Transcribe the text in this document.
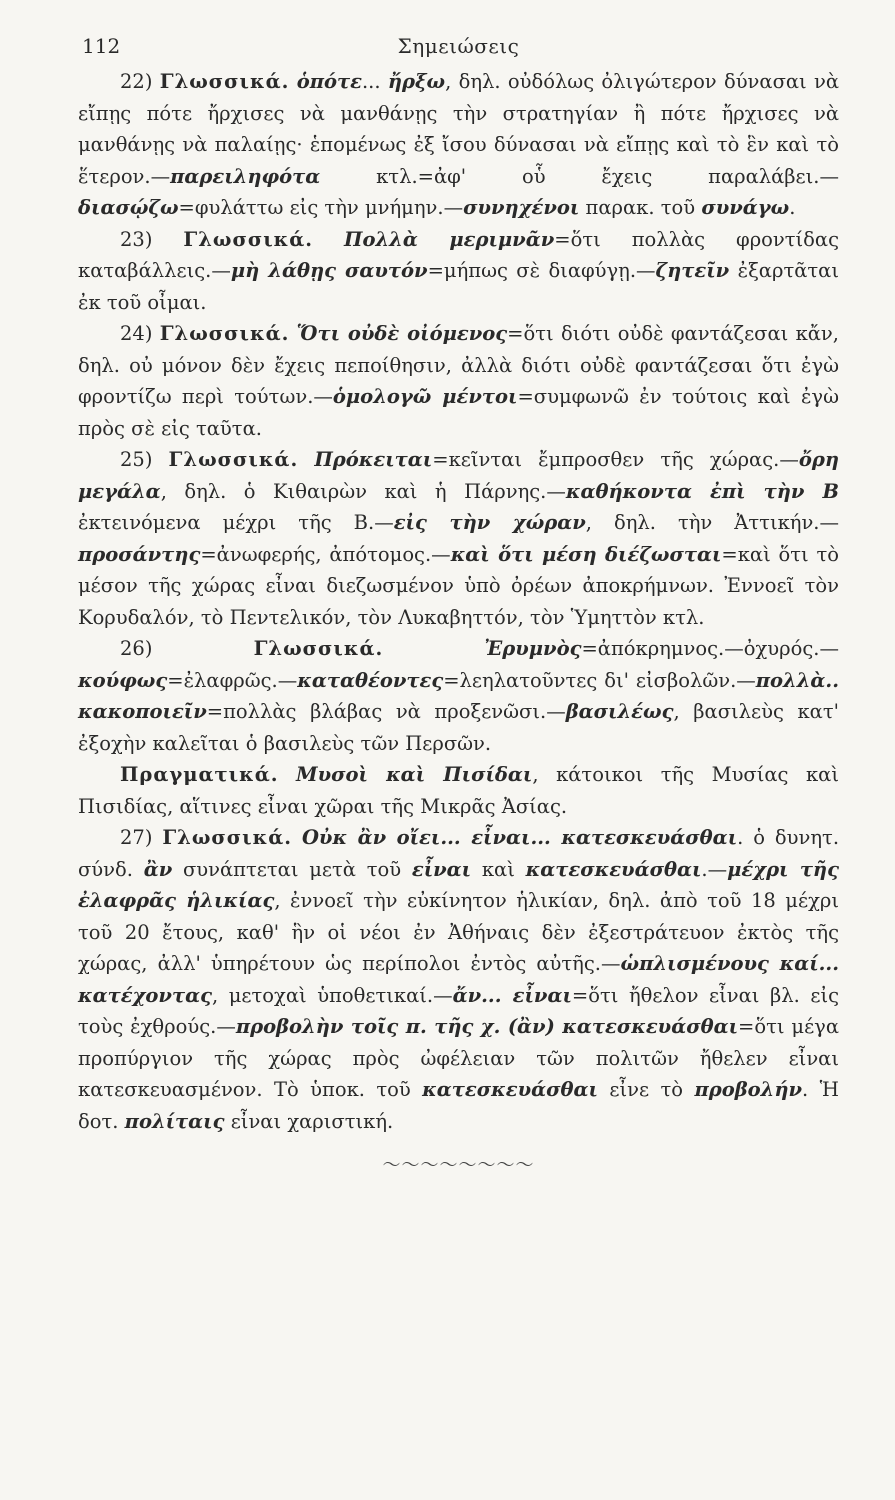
112	Σημειώσεις

22) Γλωσσικά. ὁπότε... ἤρξω, δηλ. οὐδόλως ὀλιγώτερον δύνασαι νὰ εἴπῃς πότε ἤρχισες νὰ μανθάνῃς τὴν στρατηγίαν ἢ πότε ἤρχισες νὰ μανθάνῃς νὰ παλαίῃς· ἑπομένως ἐξ ἴσου δύνασαι νὰ εἴπῃς καὶ τὸ ἓν καὶ τὸ ἕτερον.—παρειληφότα κτλ.=ἀφ' οὗ ἔχεις παραλάβει.—διασῴζω=φυλάττω εἰς τὴν μνήμην.—συνηχένοι παρακ. τοῦ συνάγω.

23) Γλωσσικά. Πολλὰ μεριμνᾶν=ὅτι πολλὰς φροντίδας καταβάλλεις.—μὴ λάθῃς σαυτόν=μήπως σὲ διαφύγῃ.—ζητεῖν ἐξαρτᾶται ἐκ τοῦ οἶμαι.

24) Γλωσσικά. Ὅτι οὐδὲ οἰόμενος=ὅτι διότι οὐδὲ φαντάζεσαι κἄν, δηλ. οὐ μόνον δὲν ἔχεις πεποίθησιν, ἀλλὰ διότι οὐδὲ φαντάζεσαι ὅτι ἐγὼ φροντίζω περὶ τούτων.—ὁμολογῶ μέντοι=συμφωνῶ ἐν τούτοις καὶ ἐγὼ πρὸς σὲ εἰς ταῦτα.

25) Γλωσσικά. Πρόκειται=κεῖνται ἔμπροσθεν τῆς χώρας.—ὄρη μεγάλα, δηλ. ὁ Κιθαιρὼν καὶ ἡ Πάρνης.—καθήκοντα ἐπὶ τὴν Β ἐκτεινόμενα μέχρι τῆς Β.—εἰς τὴν χώραν, δηλ. τὴν Ἀττικήν.—προσάντης=ἀνωφερής, ἀπότομος.—καὶ ὅτι μέση διέζωσται=καὶ ὅτι τὸ μέσον τῆς χώρας εἶναι διεζωσμένον ὑπὸ ὀρέων ἀποκρήμνων. Ἐννοεῖ τὸν Κορυδαλόν, τὸ Πεντελικόν, τὸν Λυκαβηττόν, τὸν Ὑμηττὸν κτλ.

26) Γλωσσικά.	Ἐρυμνὸς=ἀπόκρημνος.—ὀχυρός.—κούφως=ἐλαφρῶς.—καταθέοντες=λεηλατοῦντες δι' εἰσβολῶν.—πολλὰ.. κακοποιεῖν=πολλὰς βλάβας νὰ προξενῶσι.—βασιλέως, βασιλεὺς κατ' ἐξοχὴν καλεῖται ὁ βασιλεὺς τῶν Περσῶν.

Πραγματικά. Μυσοὶ καὶ Πισίδαι, κάτοικοι τῆς Μυσίας καὶ Πισιδίας, αἵτινες εἶναι χῶραι τῆς Μικρᾶς Ἀσίας.

27) Γλωσσικά. Οὐκ ἂν οἴει... εἶναι... κατεσκευάσθαι. ὁ δυνητ. σύνδ. ἂν συνάπτεται μετὰ τοῦ εἶναι καὶ κατεσκευάσθαι.—μέχρι τῆς ἐλαφρᾶς ἡλικίας, ἐννοεῖ τὴν εὐκίνητον ἡλικίαν, δηλ. ἀπὸ τοῦ 18 μέχρι τοῦ 20 ἔτους, καθ' ἣν οἱ νέοι ἐν Ἀθήναις δὲν ἐξεστράτευον ἐκτὸς τῆς χώρας, ἀλλ' ὑπηρέτουν ὡς περίπολοι ἐντὸς αὐτῆς.—ὡπλισμένους καί... κατέχοντας, μετοχαὶ ὑποθετικαί.—ἄν... εἶναι=ὅτι ἤθελον εἶναι βλ. εἰς τοὺς ἐχθρούς.—προβολὴν τοῖς π. τῆς χ. (ἂν) κατεσκευάσθαι=ὅτι μέγα προπύργιον τῆς χώρας πρὸς ὠφέλειαν τῶν πολιτῶν ἤθελεν εἶναι κατεσκευασμένον. Τὸ ὑποκ. τοῦ κατεσκευάσθαι εἶνε τὸ προβολήν. Ἡ δοτ. πολίταις εἶναι χαριστική.

〜〜〜〜〜〜〜〜
